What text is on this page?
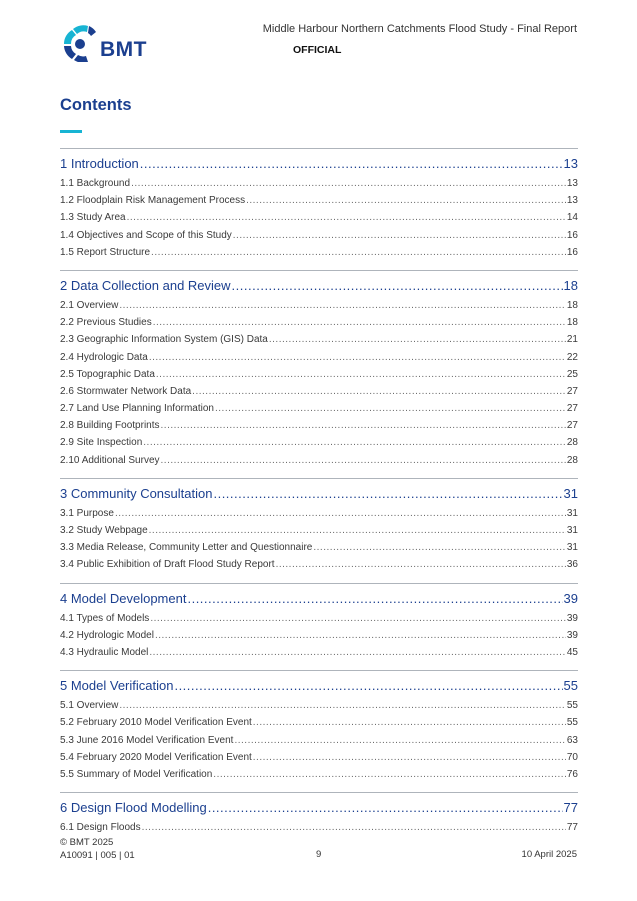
BMT
Middle Harbour Northern Catchments Flood Study - Final Report
OFFICIAL
Contents
1 Introduction .....	13
1.1 Background .....	13
1.2 Floodplain Risk Management Process .....	13
1.3 Study Area .....	14
1.4 Objectives and Scope of this Study .....	16
1.5 Report Structure .....	16
2 Data Collection and Review .....	18
2.1 Overview .....	18
2.2 Previous Studies .....	18
2.3 Geographic Information System (GIS) Data .....	21
2.4 Hydrologic Data .....	22
2.5 Topographic Data .....	25
2.6 Stormwater Network Data .....	27
2.7 Land Use Planning Information .....	27
2.8 Building Footprints .....	27
2.9 Site Inspection .....	28
2.10 Additional Survey .....	28
3 Community Consultation .....	31
3.1 Purpose .....	31
3.2 Study Webpage .....	31
3.3 Media Release, Community Letter and Questionnaire .....	31
3.4 Public Exhibition of Draft Flood Study Report .....	36
4 Model Development .....	39
4.1 Types of Models .....	39
4.2 Hydrologic Model .....	39
4.3 Hydraulic Model .....	45
5 Model Verification .....	55
5.1 Overview .....	55
5.2 February 2010 Model Verification Event .....	55
5.3 June 2016 Model Verification Event .....	63
5.4 February 2020 Model Verification Event .....	70
5.5 Summary of Model Verification .....	76
6 Design Flood Modelling .....	77
6.1 Design Floods .....	77
© BMT 2025
A10091 | 005 | 01	9	10 April 2025
